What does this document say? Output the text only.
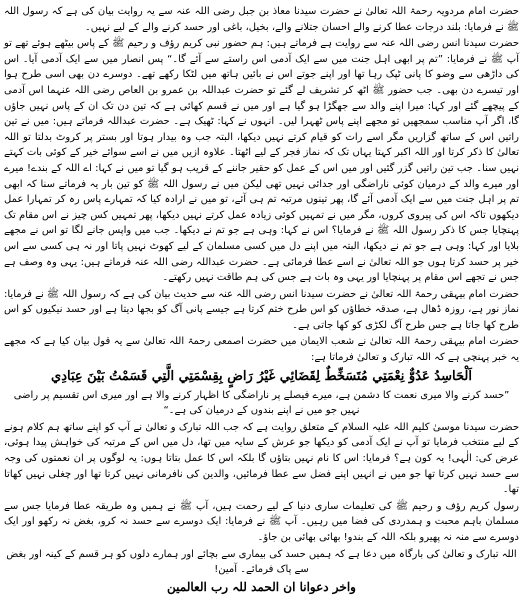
حضرت امام مردویہ رحمۃ اللہ تعالیٰ نے حضرت سیدنا معاذ بن جبل رضی اللہ عنہ سے یہ روایت بیان کی ہے کہ رسول اللہ ﷺ نے فرمایا: بلند درجات عطا کرنے والے احسان جتلانے والے، بخیل، باغی اور حسد کرنے والے کے لیے نہیں۔

حضرت سیدنا انس رضی اللہ عنہ سے روایت ہے فرماتے ہیں: ہم حضور نبی کریم رؤف و رحیم ﷺ کے پاس بیٹھے ہوئے تھے تو آپ ﷺ نے فرمایا: ”تم پر ابھی اہل جنت میں سے ایک آدمی اس راستے سے آئے گا۔“ پس انصار میں سے ایک آدمی آیا۔ اس کی داڑھی سے وضو کا پانی ٹپک رہا تھا اور اپنے جوتے اس نے بائیں ہاتھ میں لٹکا رکھے تھے۔ دوسرے دن بھی اسی طرح ہوا اور تیسرے دن بھی۔ جب حضور ﷺ اٹھ کر تشریف لے گئے تو حضرت عبداللہ بن عمرو بن العاص رضی اللہ عنہما اس آدمی کے پیچھے گئے اور کہا: میرا اپنے والد سے جھگڑا ہو گیا ہے اور میں نے قسم کھائی ہے کہ تین دن تک ان کے پاس نہیں جاؤں گا، اگر آپ مناسب سمجھیں تو مجھے اپنے پاس ٹھہرا لیں۔ انہوں نے کہا: ٹھیک ہے۔ حضرت عبداللہ فرماتے ہیں: میں نے تین راتیں اس کے ساتھ گزاریں مگر اسے رات کو قیام کرتے نہیں دیکھا، البتہ جب وہ بیدار ہوتا اور بستر پر کروٹ بدلتا تو اللہ تعالیٰ کا ذکر کرتا اور اللہ اکبر کہتا یہاں تک کہ نماز فجر کے لیے اٹھتا۔ علاوہ ازیں میں نے اسے سوائے خیر کے کوئی بات کہتے نہیں سنا۔ جب تین راتیں گزر گئیں اور میں اس کے عمل کو حقیر جاننے کے قریب ہو گیا تو میں نے کہا: اے اللہ کے بندے! میرے اور میرے والد کے درمیان کوئی ناراضگی اور جدائی نہیں تھی لیکن میں نے رسول اللہ ﷺ کو تین بار یہ فرماتے سنا کہ ابھی تم پر اہل جنت میں سے ایک آدمی آئے گا، پھر تینوں مرتبہ تم ہی آئے، تو میں نے ارادہ کیا کہ تمہارے پاس رہ کر تمہارا عمل دیکھوں تاکہ اس کی پیروی کروں، مگر میں نے تمہیں کوئی زیادہ عمل کرتے نہیں دیکھا، پھر تمہیں کس چیز نے اس مقام تک پہنچایا جس کا ذکر رسول اللہ ﷺ نے فرمایا؟ اس نے کہا: وہی ہے جو تم نے دیکھا۔ جب میں واپس جانے لگا تو اس نے مجھے بلایا اور کہا: وہی ہے جو تم نے دیکھا، البتہ میں اپنے دل میں کسی مسلمان کے لیے کھوٹ نہیں پاتا اور نہ ہی کسی سے اس خیر پر حسد کرتا ہوں جو اللہ تعالیٰ نے اسے عطا فرمائی ہے۔ حضرت عبداللہ رضی اللہ عنہ فرماتے ہیں: یہی وہ وصف ہے جس نے تجھے اس مقام پر پہنچایا اور یہی وہ بات ہے جس کی ہم طاقت نہیں رکھتے۔

حضرت امام بیہقی رحمۃ اللہ تعالیٰ نے حضرت سیدنا انس رضی اللہ عنہ سے حدیث بیان کی ہے کہ رسول اللہ ﷺ نے فرمایا: نماز نور ہے، روزہ ڈھال ہے، صدقہ خطاؤں کو اس طرح ختم کرتا ہے جیسے پانی آگ کو بجھا دیتا ہے اور حسد نیکیوں کو اس طرح کھا جاتا ہے جس طرح آگ لکڑی کو کھا جاتی ہے۔

حضرت امام بیہقی رحمۃ اللہ تعالیٰ نے شعب الایمان میں حضرت اصمعی رحمۃ اللہ تعالیٰ سے یہ قول بیان کیا ہے کہ مجھے یہ خبر پہنچی ہے کہ اللہ تبارک و تعالیٰ فرماتا ہے:

اَلْحَاسِدُ عَدُوٌّ نِعْمَتِي مُتَسَخِّطٌ لِقَضَائِي غَيْرُ رَاضٍ بِقِسْمَتِي الَّتِي قَسَمْتُ بَيْنَ عِبَادِي

”حسد کرنے والا میری نعمت کا دشمن ہے، میرے فیصلے پر ناراضگی کا اظہار کرنے والا ہے اور میری اس تقسیم پر راضی نہیں جو میں نے اپنے بندوں کے درمیان کی ہے۔“

حضرت سیدنا موسیٰ کلیم اللہ علیہ السلام کے متعلق روایت ہے کہ جب اللہ تبارک و تعالیٰ نے آپ کو اپنے ساتھ ہم کلام ہونے کے لیے منتخب فرمایا تو آپ نے ایک آدمی کو دیکھا جو عرش کے سایہ میں تھا، دل میں اس کے مرتبہ کی خواہش پیدا ہوئی، عرض کی: الٰہی! یہ کون ہے؟ فرمایا: اس کا نام نہیں بتاؤں گا بلکہ اس کا عمل بتاتا ہوں: یہ لوگوں پر ان نعمتوں کی وجہ سے حسد نہیں کرتا تھا جو میں نے انہیں اپنے فضل سے عطا فرمائیں، والدین کی نافرمانی نہیں کرتا تھا اور چغلی نہیں کھاتا تھا۔

رسول کریم رؤف و رحیم ﷺ کی تعلیمات ساری دنیا کے لیے رحمت ہیں، آپ ﷺ نے ہمیں وہ طریقہ عطا فرمایا جس سے مسلمان باہم محبت و ہمدردی کی فضا میں رہیں۔ آپ ﷺ نے فرمایا: ایک دوسرے سے حسد نہ کرو، بغض نہ رکھو اور ایک دوسرے سے منہ نہ پھیرو بلکہ اللہ کے بندو! بھائی بھائی بن جاؤ۔

اللہ تبارک و تعالیٰ کی بارگاہ میں دعا ہے کہ ہمیں حسد کی بیماری سے بچائے اور ہمارے دلوں کو ہر قسم کے کینہ اور بغض سے پاک فرمائے۔ آمین!

واخر دعوانا ان الحمد للہ رب العالمین
